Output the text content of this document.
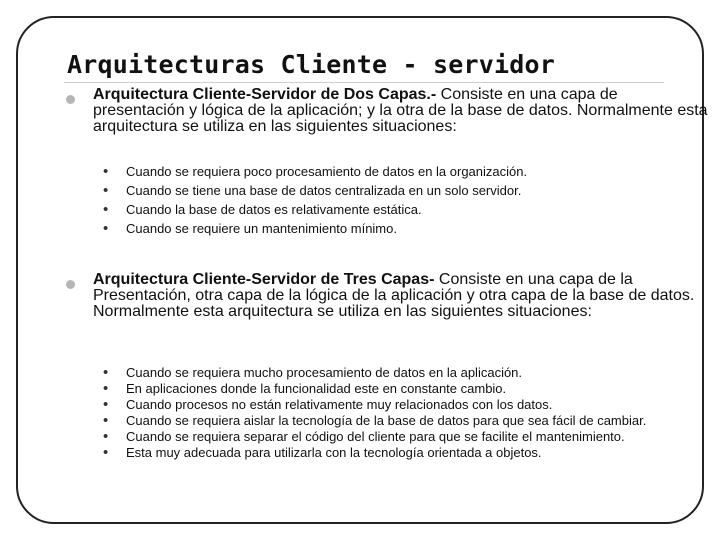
Arquitecturas Cliente - servidor
Arquitectura Cliente-Servidor de Dos Capas.- Consiste en una capa de presentación y lógica de la aplicación; y la otra de la base de datos. Normalmente esta arquitectura se utiliza en las siguientes situaciones:
• Cuando se requiera poco procesamiento de datos en la organización.
• Cuando se tiene una base de datos centralizada en un solo servidor.
• Cuando la base de datos es relativamente estática.
• Cuando se requiere un mantenimiento mínimo.
Arquitectura Cliente-Servidor de Tres Capas- Consiste en una capa de la Presentación, otra capa de la lógica de la aplicación y otra capa de la base de datos. Normalmente esta arquitectura se utiliza en las siguientes situaciones:
• Cuando se requiera mucho procesamiento de datos en la aplicación.
• En aplicaciones donde la funcionalidad este en constante cambio.
• Cuando procesos no están relativamente muy relacionados con los datos.
• Cuando se requiera aislar la tecnología de la base de datos para que sea fácil de cambiar.
• Cuando se requiera separar el código del cliente para que se facilite el mantenimiento.
• Esta muy adecuada para utilizarla con la tecnología orientada a objetos.
